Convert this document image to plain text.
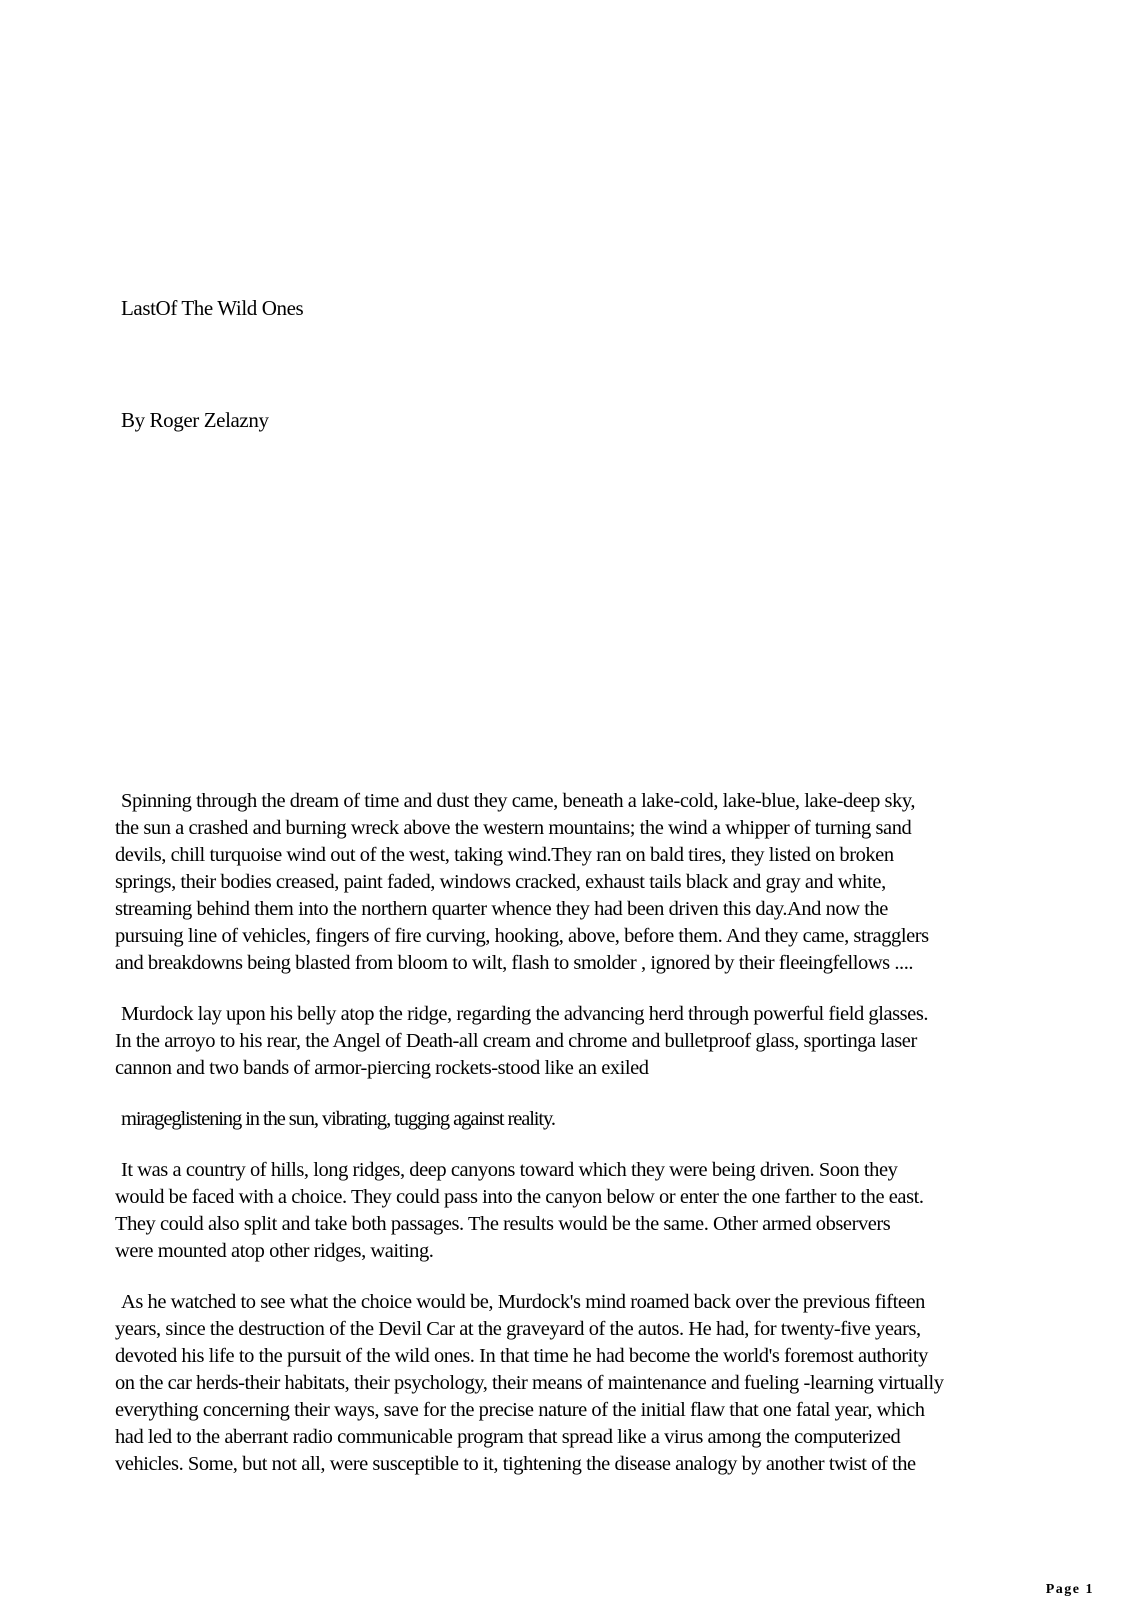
LastOf The Wild Ones
By Roger Zelazny
Spinning through the dream of time and dust they came, beneath a lake-cold, lake-blue, lake-deep sky,
the sun a crashed and burning wreck above the western mountains; the wind a whipper of turning sand
devils, chill turquoise wind out of the west, taking wind.They ran on bald tires, they listed on broken
springs, their bodies creased, paint faded, windows cracked, exhaust tails black and gray and white,
streaming behind them into the northern quarter whence they had been driven this day.And now the
pursuing line of vehicles, fingers of fire curving, hooking, above, before them. And they came, stragglers
and breakdowns being blasted from bloom to wilt, flash to smolder , ignored by their fleeingfellows ....
Murdock lay upon his belly atop the ridge, regarding the advancing herd through powerful field glasses.
In the arroyo to his rear, the Angel of Death-all cream and chrome and bulletproof glass, sportinga laser
cannon and two bands of armor-piercing rockets-stood like an exiled
mirageglistening in the sun, vibrating, tugging against reality.
It was a country of hills, long ridges, deep canyons toward which they were being driven. Soon they
would be faced with a choice. They could pass into the canyon below or enter the one farther to the east.
They could also split and take both passages. The results would be the same. Other armed observers
were mounted atop other ridges, waiting.
As he watched to see what the choice would be, Murdock's mind roamed back over the previous fifteen
years, since the destruction of the Devil Car at the graveyard of the autos. He had, for twenty-five years,
devoted his life to the pursuit of the wild ones. In that time he had become the world's foremost authority
on the car herds-their habitats, their psychology, their means of maintenance and fueling -learning virtually
everything concerning their ways, save for the precise nature of the initial flaw that one fatal year, which
had led to the aberrant radio communicable program that spread like a virus among the computerized
vehicles. Some, but not all, were susceptible to it, tightening the disease analogy by another twist of the
Page 1
